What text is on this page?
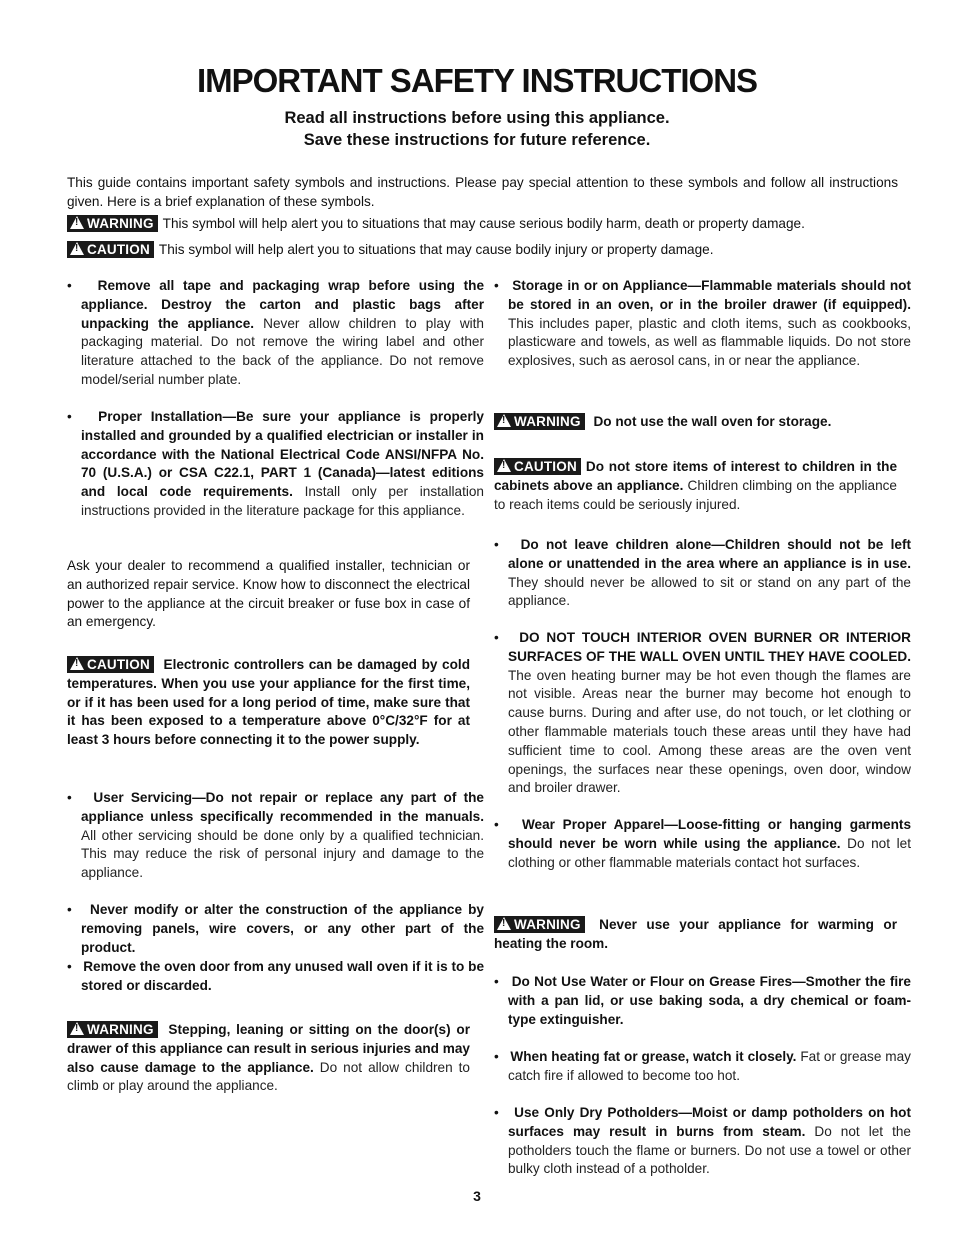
IMPORTANT SAFETY INSTRUCTIONS

Read all instructions before using this appliance.

Save these instructions for future reference.

This guide contains important safety symbols and instructions. Please pay special attention to these symbols and follow all instructions given. Here is a brief explanation of these symbols.

!WARNING This symbol will help alert you to situations that may cause serious bodily harm, death or property damage.

!CAUTION This symbol will help alert you to situations that may cause bodily injury or property damage.

•   Remove all tape and packaging wrap before using the appliance. Destroy the carton and plastic bags after unpacking the appliance. Never allow children to play with packaging material. Do not remove the wiring label and other literature attached to the back of the appliance. Do not remove model/serial number plate.

•   Proper Installation—Be sure your appliance is properly installed and grounded by a qualified electrician or installer in accordance with the National Electrical Code ANSI/NFPA No. 70 (U.S.A.) or CSA C22.1, PART 1 (Canada)—latest editions and local code requirements. Install only per installation instructions provided in the literature package for this appliance.

Ask your dealer to recommend a qualified installer, technician or an authorized repair service. Know how to disconnect the electrical power to the appliance at the circuit breaker or fuse box in case of an emergency.

!CAUTION Electronic controllers can be damaged by cold temperatures. When you use your appliance for the first time, or if it has been used for a long period of time, make sure that it has been exposed to a temperature above 0°C/32°F for at least 3 hours before connecting it to the power supply.

•   User Servicing—Do not repair or replace any part of the appliance unless specifically recommended in the manuals. All other servicing should be done only by a qualified technician. This may reduce the risk of personal injury and damage to the appliance.

•   Never modify or alter the construction of the appliance by removing panels, wire covers, or any other part of the product.

•   Remove the oven door from any unused wall oven if it is to be stored or discarded.

!WARNING Stepping, leaning or sitting on the door(s) or drawer of this appliance can result in serious injuries and may also cause damage to the appliance. Do not allow children to climb or play around the appliance.

•   Storage in or on Appliance—Flammable materials should not be stored in an oven, or in the broiler drawer (if equipped). This includes paper, plastic and cloth items, such as cookbooks, plasticware and towels, as well as flammable liquids. Do not store explosives, such as aerosol cans, in or near the appliance.

!WARNING Do not use the wall oven for storage.

!CAUTION Do not store items of interest to children in the cabinets above an appliance. Children climbing on the appliance to reach items could be seriously injured.

•   Do not leave children alone—Children should not be left alone or unattended in the area where an appliance is in use. They should never be allowed to sit or stand on any part of the appliance.

•   DO NOT TOUCH INTERIOR OVEN BURNER OR INTERIOR SURFACES OF THE WALL OVEN UNTIL THEY HAVE COOLED. The oven heating burner may be hot even though the flames are not visible. Areas near the burner may become hot enough to cause burns. During and after use, do not touch, or let clothing or other flammable materials touch these areas until they have had sufficient time to cool. Among these areas are the oven vent openings, the surfaces near these openings, oven door, window and broiler drawer.

•   Wear Proper Apparel—Loose-fitting or hanging garments should never be worn while using the appliance. Do not let clothing or other flammable materials contact hot surfaces.

!WARNING Never use your appliance for warming or heating the room.

•   Do Not Use Water or Flour on Grease Fires—Smother the fire with a pan lid, or use baking soda, a dry chemical or foam-type extinguisher.

•   When heating fat or grease, watch it closely. Fat or grease may catch fire if allowed to become too hot.

•   Use Only Dry Potholders—Moist or damp potholders on hot surfaces may result in burns from steam. Do not let the potholders touch the flame or burners. Do not use a towel or other bulky cloth instead of a potholder.

3
